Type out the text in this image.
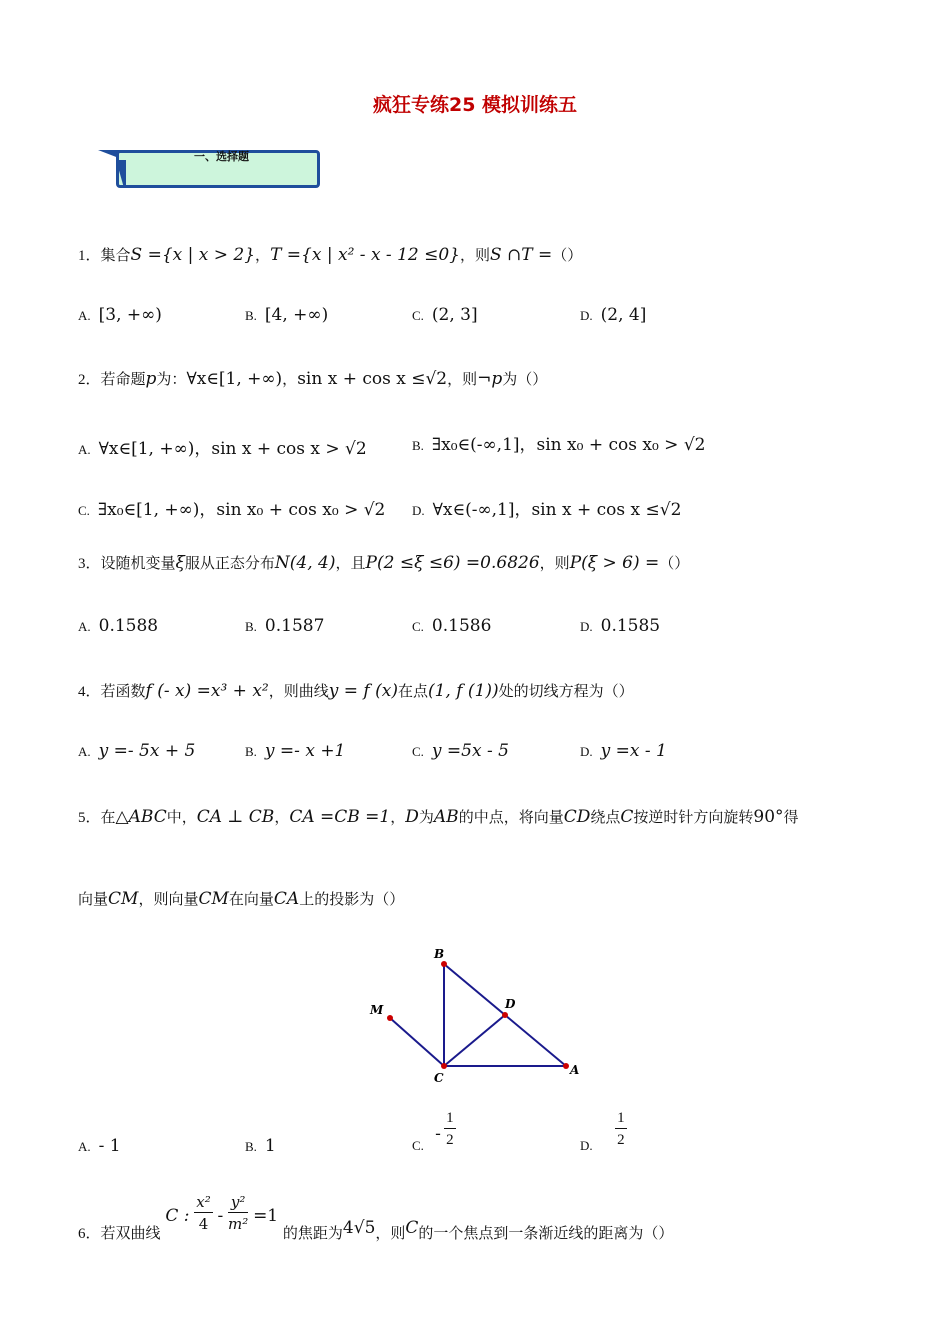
疯狂专练25 模拟训练五
一、选择题
1．集合S ={x | x > 2}，T ={x | x² - x - 12 ≤0}，则S ∩T =（）
A. [3, +∞)	B. [4, +∞)	C. (2, 3]	D. (2, 4]
2．若命题p为：∀x∈[1, +∞)，sin x + cos x ≤√2，则¬p为（）
A. ∀x∈[1, +∞)，sin x + cos x > √2	B. ∃x₀∈(-∞,1]，sin x₀ + cos x₀ > √2
C. ∃x₀∈[1, +∞)，sin x₀ + cos x₀ > √2 D. ∀x∈(-∞,1]，sin x + cos x ≤√2
3．设随机变量ξ服从正态分布N(4, 4)，且P(2 ≤ξ ≤6) =0.6826，则P(ξ > 6) =（）
A. 0.1588	B. 0.1587	C. 0.1586	D. 0.1585
4．若函数f (- x) =x³ + x²，则曲线y = f (x)在点(1, f (1))处的切线方程为（）
A. y =- 5x + 5	B. y =- x +1	C. y =5x - 5	D. y =x - 1
5．在△ABC中，CA ⊥ CB，CA =CB =1，D为AB的中点，将向量CD绕点C按逆时针方向旋转90°得
向量CM，则向量CM在向量CA上的投影为（）
B
D
M
C
A
A. - 1	B. 1	C. - $\frac{1}{2}$	D. $\frac{1}{2}$
6．若双曲线 C : $\frac{\text{x²}}{4} - \frac{\text{y²}}{\text{m²}} =1$ 的焦距为4√5，则C的一个焦点到一条渐近线的距离为（）
